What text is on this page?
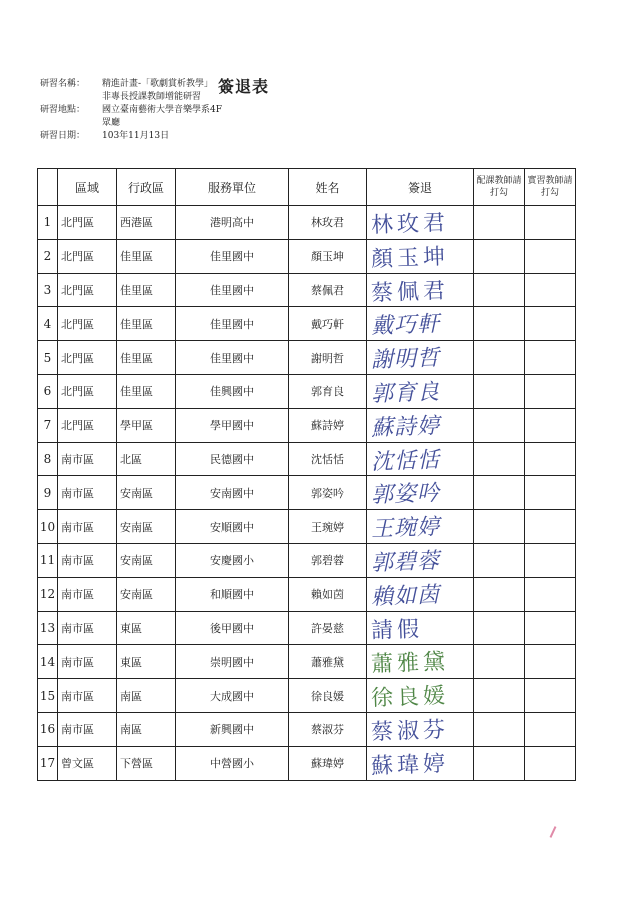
研習名稱：	精進計畫-「歌劇賞析教學」非專長授課教師增能研習
研習地點：	國立臺南藝術大學音樂學系4F眾廳
研習日期：	103年11月13日
簽退表
	區域	行政區	服務單位	姓名	簽退	配課教師請打勾	實習教師請打勾
1	北門區	西港區	港明高中	林玫君	林玫君		

2	北門區	佳里區	佳里國中	顏玉坤	顏玉坤		

3	北門區	佳里區	佳里國中	蔡佩君	蔡佩君		

4	北門區	佳里區	佳里國中	戴巧軒	戴巧軒		

5	北門區	佳里區	佳里國中	謝明哲	謝明哲		

6	北門區	佳里區	佳興國中	郭育良	郭育良		

7	北門區	學甲區	學甲國中	蘇詩婷	蘇詩婷		

8	南市區	北區	民德國中	沈恬恬	沈恬恬		

9	南市區	安南區	安南國中	郭姿吟	郭姿吟		

10	南市區	安南區	安順國中	王琬婷	王琬婷		

11	南市區	安南區	安慶國小	郭碧蓉	郭碧蓉		

12	南市區	安南區	和順國中	賴如茵	賴如茵		

13	南市區	東區	後甲國中	許晏慈	請假		

14	南市區	東區	崇明國中	蕭雅黛	蕭雅黛		

15	南市區	南區	大成國中	徐良媛	徐良媛		

16	南市區	南區	新興國中	蔡淑芬	蔡淑芬		

17	曾文區	下營區	中營國小	蘇瑋婷	蘇瑋婷		
